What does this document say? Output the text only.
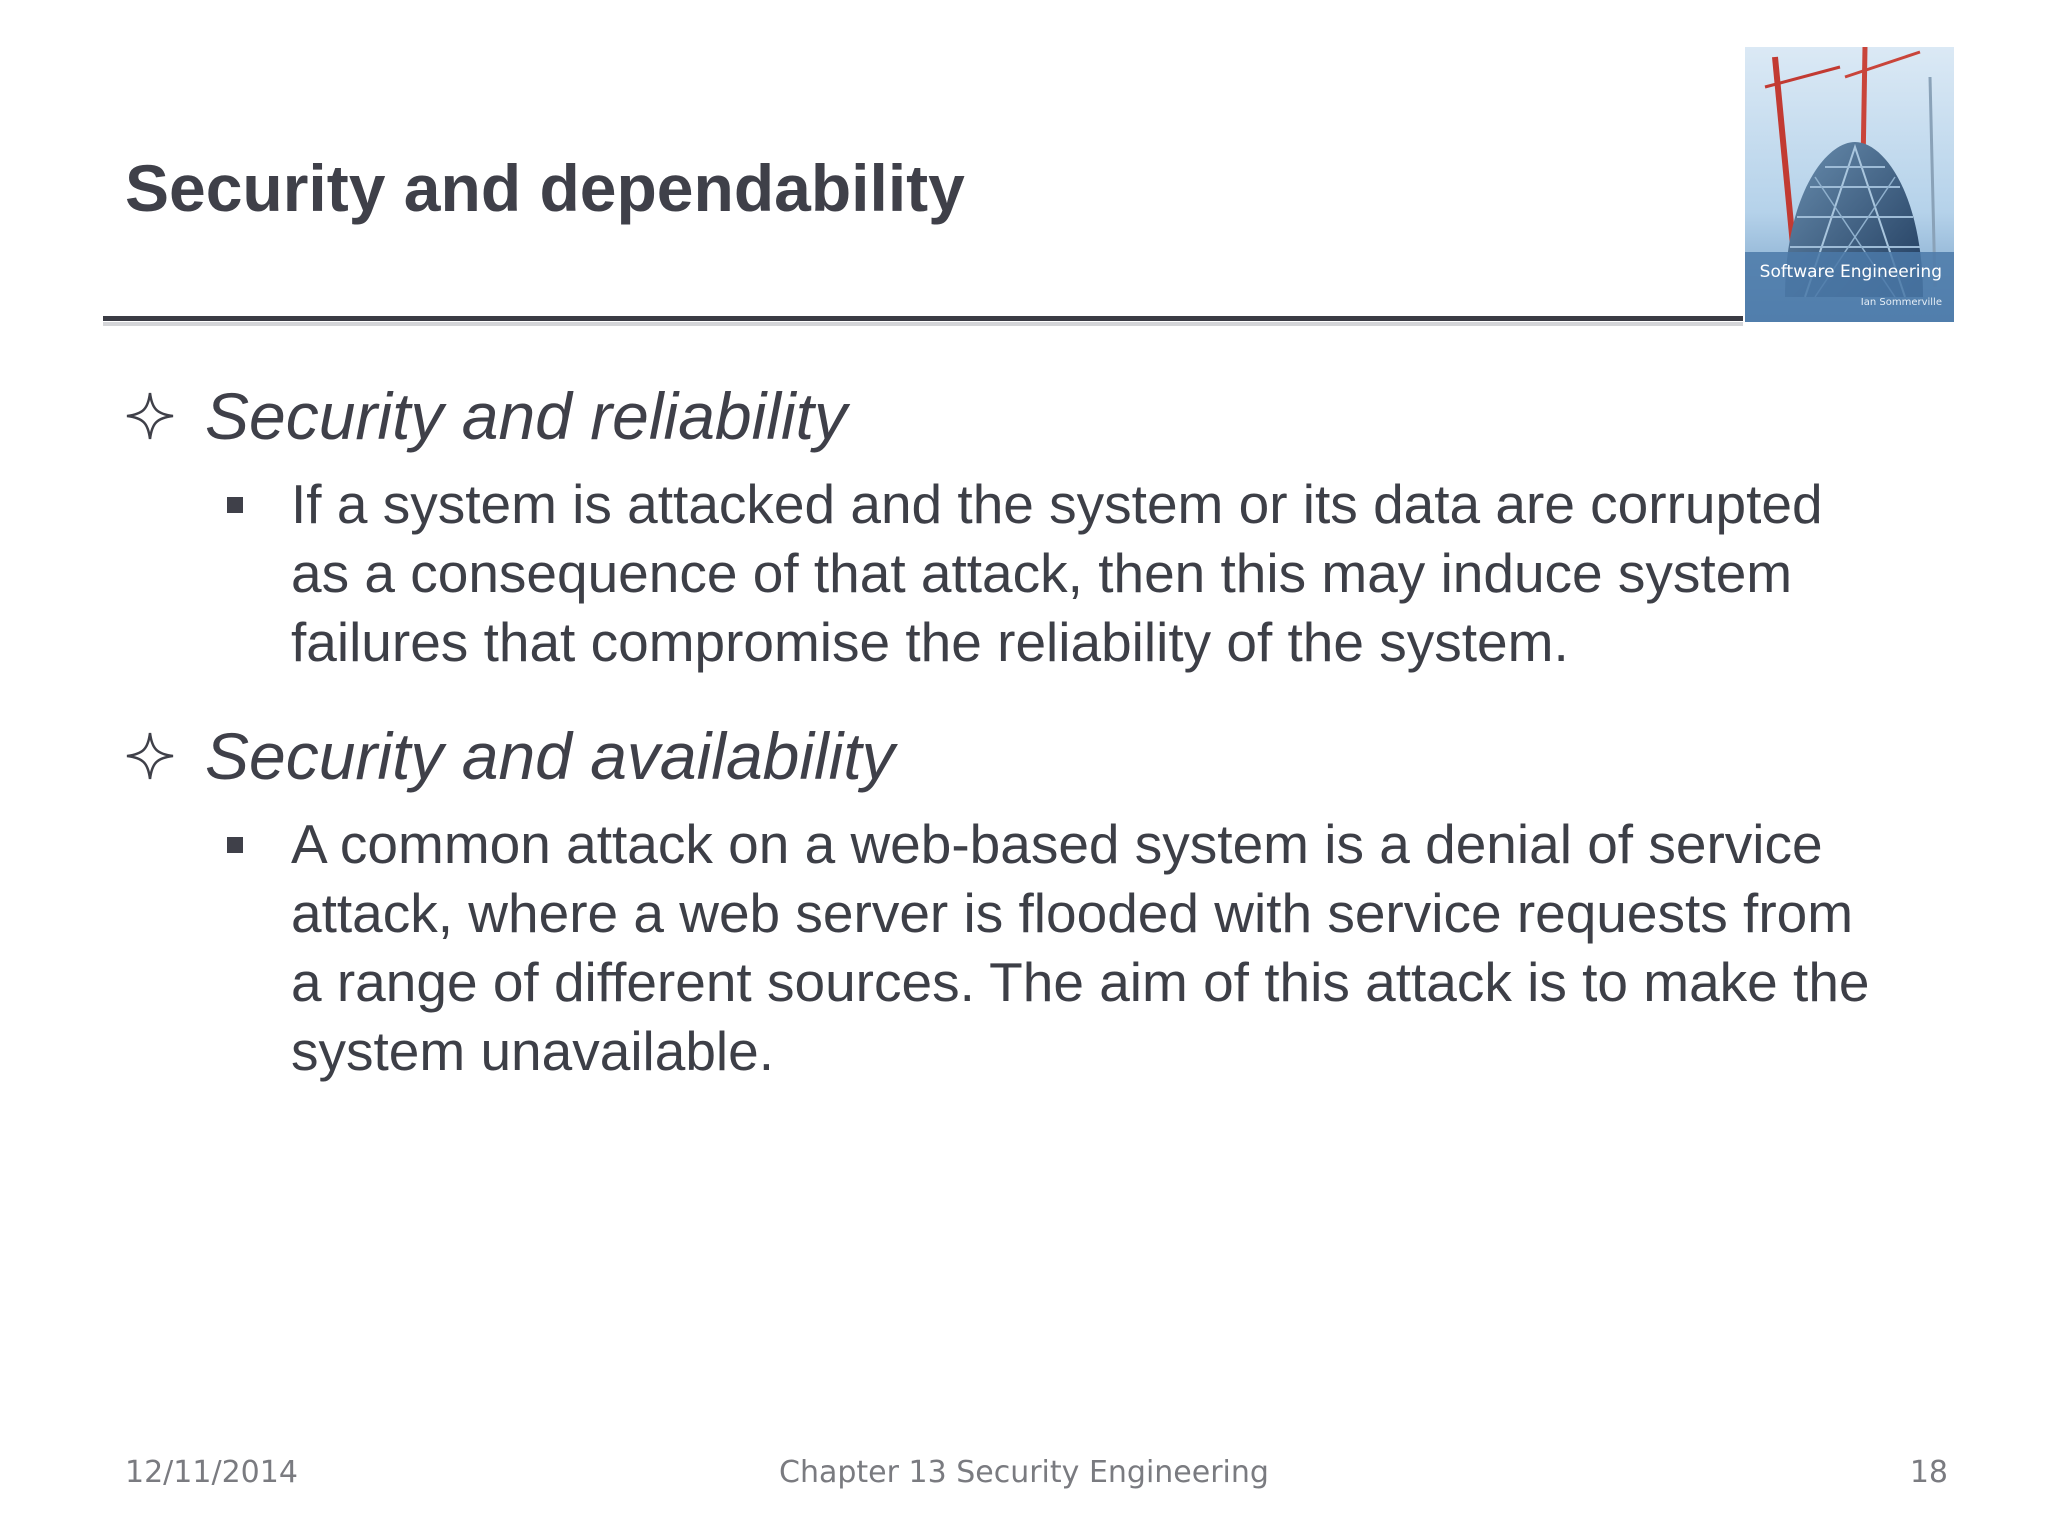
Security and dependability
Software Engineering
Ian Sommerville
Security and reliability
If a system is attacked and the system or its data are corrupted
as a consequence of that attack, then this may induce system
failures that compromise the reliability of the system.
Security and availability
A common attack on a web-based system is a denial of service
attack, where a web server is flooded with service requests from
a range of different sources. The aim of this attack is to make the
system unavailable.
12/11/2014	Chapter 13 Security Engineering	18
